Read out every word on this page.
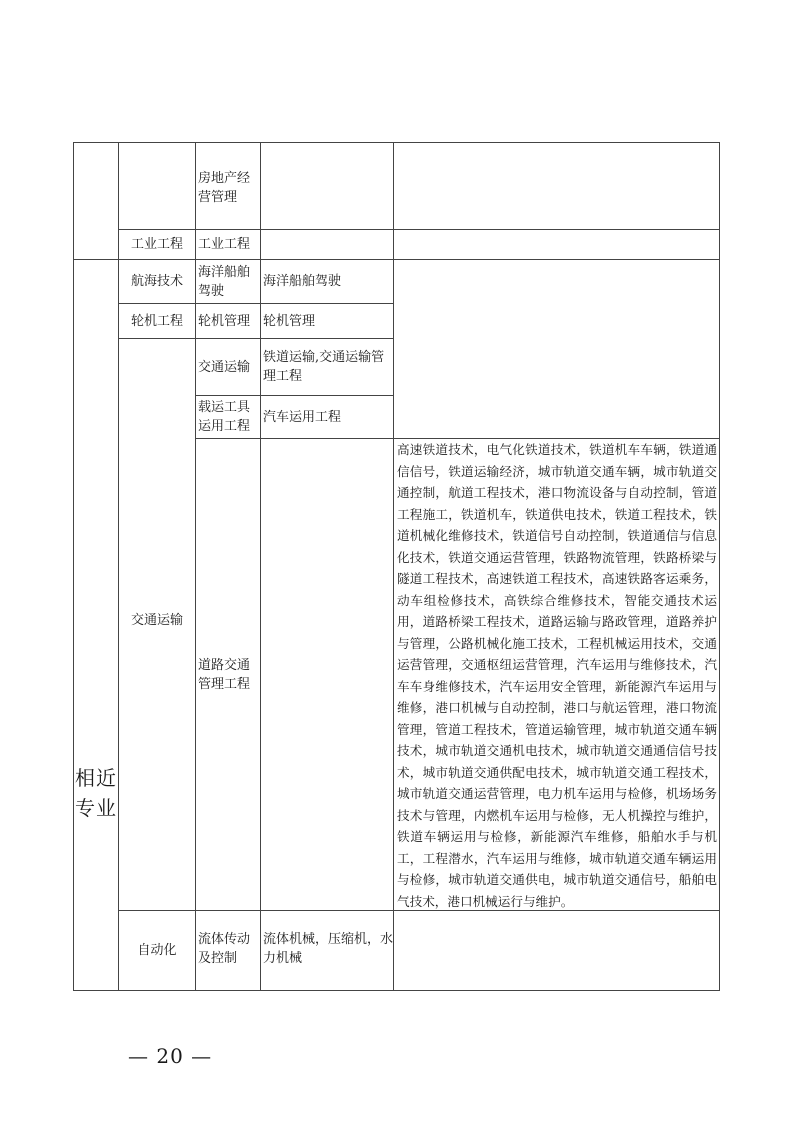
相近专业
房地产经营管理
工业工程 工业工程
航海技术
海洋船舶驾驶
海洋船舶驾驶
轮机工程 轮机管理 轮机管理
交通运输
铁道运输,交通运输管理工程
载运工具运用工程
汽车运用工程
交通运输
道路交通管理工程
高速铁道技术，电气化铁道技术，铁道机车车辆，铁道通信信号，铁道运输经济，城市轨道交通车辆，城市轨道交通控制，航道工程技术，港口物流设备与自动控制，管道工程施工，铁道机车，铁道供电技术，铁道工程技术，铁道机械化维修技术，铁道信号自动控制，铁道通信与信息化技术，铁道交通运营管理，铁路物流管理，铁路桥梁与隧道工程技术，高速铁道工程技术，高速铁路客运乘务，动车组检修技术，高铁综合维修技术，智能交通技术运用，道路桥梁工程技术，道路运输与路政管理，道路养护与管理，公路机械化施工技术，工程机械运用技术，交通运营管理，交通枢纽运营管理，汽车运用与维修技术，汽车车身维修技术，汽车运用安全管理，新能源汽车运用与维修，港口机械与自动控制，港口与航运管理，港口物流管理，管道工程技术，管道运输管理，城市轨道交通车辆技术，城市轨道交通机电技术，城市轨道交通通信信号技术，城市轨道交通供配电技术，城市轨道交通工程技术，城市轨道交通运营管理，电力机车运用与检修，机场场务技术与管理，内燃机车运用与检修，无人机操控与维护，铁道车辆运用与检修，新能源汽车维修，船舶水手与机工，工程潜水，汽车运用与维修，城市轨道交通车辆运用与检修，城市轨道交通供电，城市轨道交通信号，船舶电气技术，港口机械运行与维护。
自动化
流体传动及控制
流体机械，压缩机，水力机械
— 20 —
